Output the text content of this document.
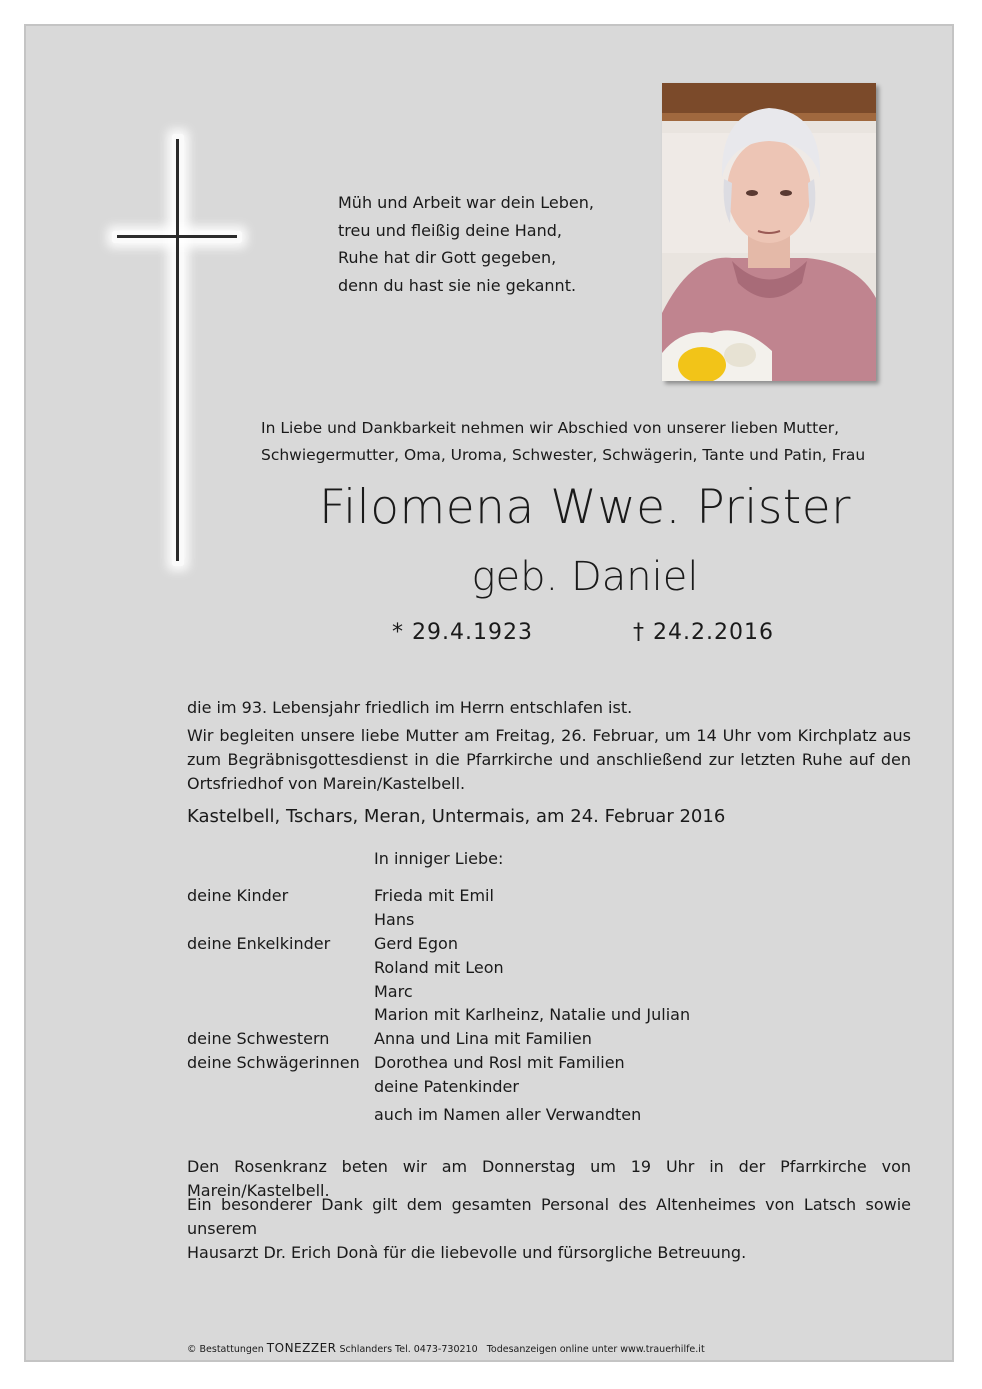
Müh und Arbeit war dein Leben,
treu und fleißig deine Hand,
Ruhe hat dir Gott gegeben,
denn du hast sie nie gekannt.
In Liebe und Dankbarkeit nehmen wir Abschied von unserer lieben Mutter,
Schwiegermutter, Oma, Uroma, Schwester, Schwägerin, Tante und Patin, Frau
Filomena Wwe. Prister
geb. Daniel
* 29.4.1923	† 24.2.2016
die im 93. Lebensjahr friedlich im Herrn entschlafen ist.
Wir begleiten unsere liebe Mutter am Freitag, 26. Februar, um 14 Uhr vom Kirchplatz aus
zum Begräbnisgottesdienst in die Pfarrkirche und anschließend zur letzten Ruhe auf den
Ortsfriedhof von Marein/Kastelbell.
Kastelbell, Tschars, Meran, Untermais, am 24. Februar 2016
In inniger Liebe:
deine Kinder	Frieda mit Emil
Hans
deine Enkelkinder	Gerd Egon
Roland mit Leon
Marc
Marion mit Karlheinz, Natalie und Julian
deine Schwestern	Anna und Lina mit Familien
deine Schwägerinnen Dorothea und Rosl mit Familien
deine Patenkinder
auch im Namen aller Verwandten
Den Rosenkranz beten wir am Donnerstag um 19 Uhr in der Pfarrkirche von Marein/Kastelbell.
Ein besonderer Dank gilt dem gesamten Personal des Altenheimes von Latsch sowie unserem
Hausarzt Dr. Erich Donà für die liebevolle und fürsorgliche Betreuung.
© Bestattungen TONEZZER Schlanders Tel. 0473-730210 Todesanzeigen online unter www.trauerhilfe.it
